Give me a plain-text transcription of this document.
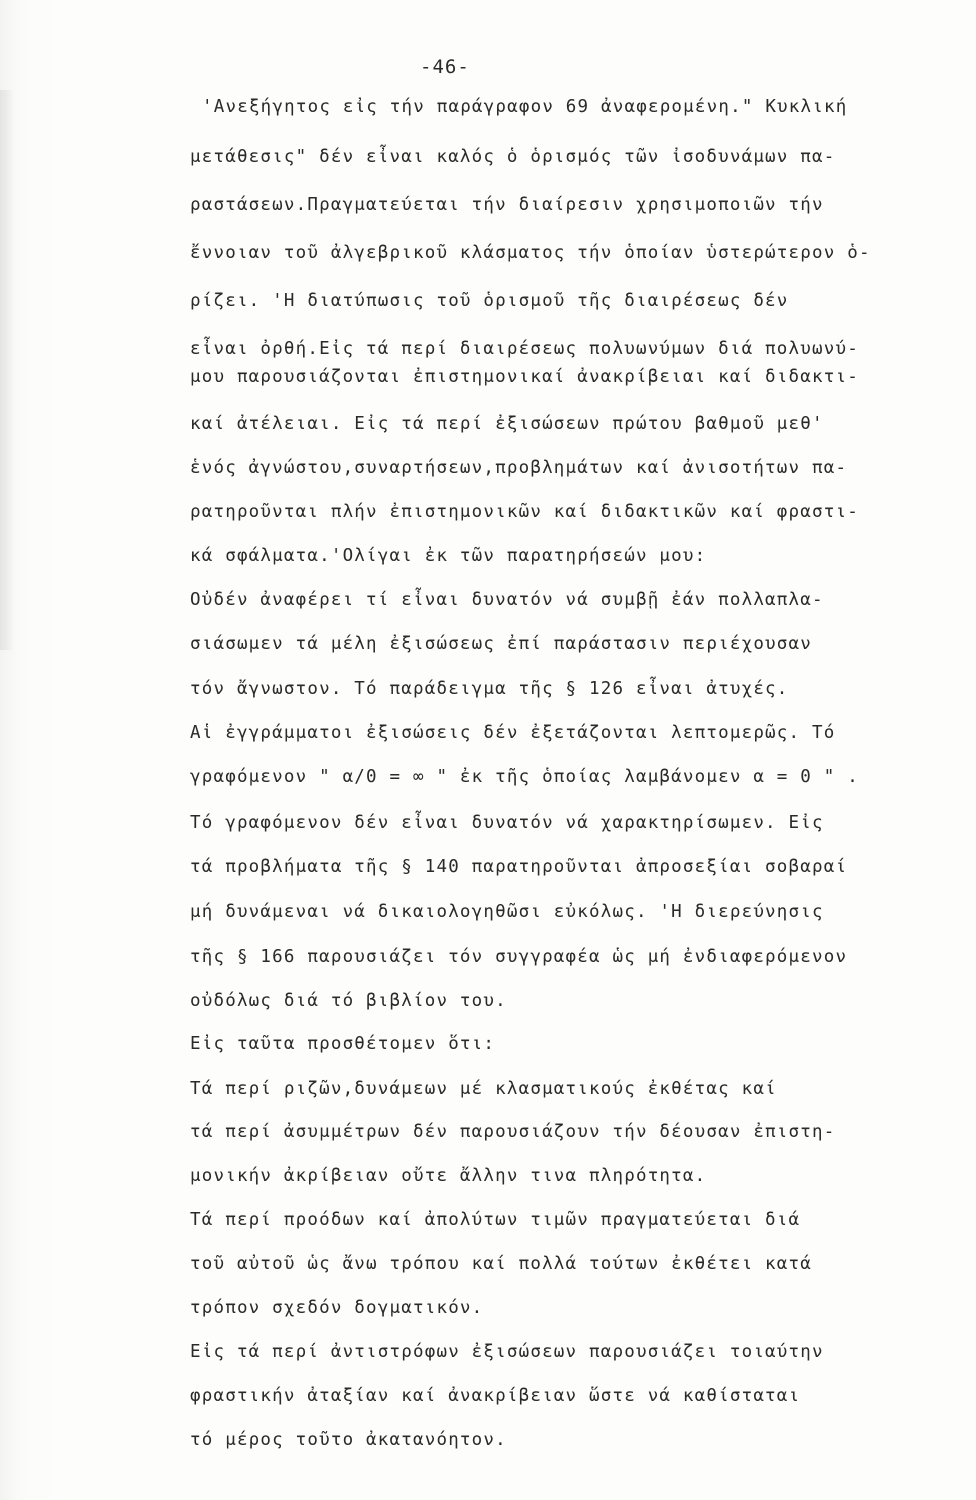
-46-
'Ανεξήγητος εἰς τήν παράγραφον 69 ἀναφερομένη." Κυκλική
μετάθεσις" δέν εἶναι καλός ὁ ὁρισμός τῶν ἰσοδυνάμων πα-
ραστάσεων.Πραγματεύεται τήν διαίρεσιν χρησιμοποιῶν τήν
ἔννοιαν τοῦ ἀλγεβρικοῦ κλάσματος τήν ὁποίαν ὑστερώτερον ὁ-
ρίζει. 'Η διατύπωσις τοῦ ὁρισμοῦ τῆς διαιρέσεως δέν
εἶναι ὀρθή.Εἰς τά περί διαιρέσεως πολυωνύμων διά πολυωνύ-
μου παρουσιάζονται ἐπιστημονικαί ἀνακρίβειαι καί διδακτι-
καί ἀτέλειαι. Εἰς τά περί ἐξισώσεων πρώτου βαθμοῦ μεθ'
ἑνός ἀγνώστου,συναρτήσεων,προβλημάτων καί ἀνισοτήτων πα-
ρατηροῦνται πλήν ἐπιστημονικῶν καί διδακτικῶν καί φραστι-
κά σφάλματα.'Ολίγαι ἐκ τῶν παρατηρήσεών μου:
Οὐδέν ἀναφέρει τί εἶναι δυνατόν νά συμβῇ ἐάν πολλαπλα-
σιάσωμεν τά μέλη ἐξισώσεως ἐπί παράστασιν περιέχουσαν
τόν ἄγνωστον. Τό παράδειγμα τῆς § 126 εἶναι ἀτυχές.
Αἱ ἐγγράμματοι ἐξισώσεις δέν ἐξετάζονται λεπτομερῶς. Τό
γραφόμενον " α/0 = ∞ " ἐκ τῆς ὁποίας λαμβάνομεν α = 0 " .
Τό γραφόμενον δέν εἶναι δυνατόν νά χαρακτηρίσωμεν. Εἰς
τά προβλήματα τῆς § 140 παρατηροῦνται ἀπροσεξίαι σοβαραί
μή δυνάμεναι νά δικαιολογηθῶσι εὐκόλως. 'Η διερεύνησις
τῆς § 166 παρουσιάζει τόν συγγραφέα ὡς μή ἐνδιαφερόμενον
οὐδόλως διά τό βιβλίον του.
Εἰς ταῦτα προσθέτομεν ὅτι:
Τά περί ριζῶν,δυνάμεων μέ κλασματικούς ἐκθέτας καί
τά περί ἀσυμμέτρων δέν παρουσιάζουν τήν δέουσαν ἐπιστη-
μονικήν ἀκρίβειαν οὔτε ἄλλην τινα πληρότητα.
Τά περί προόδων καί ἀπολύτων τιμῶν πραγματεύεται διά
τοῦ αὐτοῦ ὡς ἄνω τρόπου καί πολλά τούτων ἐκθέτει κατά
τρόπον σχεδόν δογματικόν.
Εἰς τά περί ἀντιστρόφων ἐξισώσεων παρουσιάζει τοιαύτην
φραστικήν ἀταξίαν καί ἀνακρίβειαν ὥστε νά καθίσταται
τό μέρος τοῦτο ἀκατανόητον.
